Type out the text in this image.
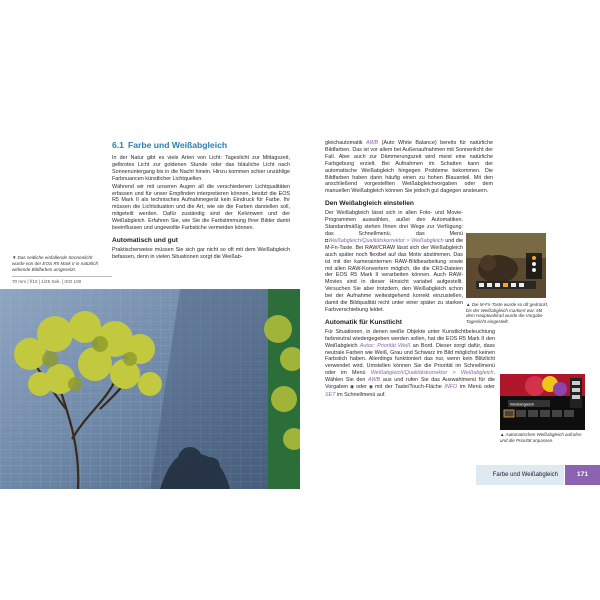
▼Das seitliche einfallende Sonnenlicht wurde von der EOS R5 Mark II in natürlich wirkende Bildfarben umgesetzt.
70 mm | f/10 | 1/25 Sek. | ISO 100
6.1 Farbe und Weißabgleich

In der Natur gibt es viele Arten von Licht: Tageslicht zur Mittagszeit, gelbrotes Licht zur goldenen Stunde oder das bläuliche Licht nach Sonnenuntergang bis in die Nacht hinein. Hinzu kommen schier unzählige Farbnuancen künstlicher Lichtquellen.

Während wir mit unseren Augen all die verschiedenen Lichtqualitäten erfassen und für unser Empfinden interpretieren können, besitzt die EOS R5 Mark II als technisches Aufnahmegerät kein Eindruck für Farbe. Ihr müssen die Lichtsituation und die Art, wie sie die Farben darstellen soll, mitgeteilt werden. Dafür zuständig sind der Kelvinwert und der Weißabgleich. Erfahren Sie, wie Sie die Farbstimmung Ihrer Bilder damit beeinflussen und ungewollte Farbstiche vermeiden können.

Automatisch und gut

Praktischerweise müssen Sie sich gar nicht so oft mit dem Weißabgleich befassen, denn in vielen Situationen sorgt die Weißab-

gleichautomatik AWB (Auto White Balance) bereits für natürliche Bildfarben. Das ist vor allem bei Außenaufnahmen mit Sonnenlicht der Fall. Aber auch zur Dämmerungszeit wird meist eine natürliche Farbgebung erzielt. Bei Aufnahmen im Schatten kann der automatische Weißabgleich hingegen Probleme bekommen. Die Bildfarben haben dann häufig einen zu hohen Blauanteil. Mit den anschließend vorgestellten Weißabgleichvorgaben oder dem manuellen Weißabgleich können Sie jedoch gut dagegen ansteuern.

Den Weißabgleich einstellen

Der Weißabgleich lässt sich in allen Foto- und Movie-Programmen auswählen, außer den Automatiken. Standardmäßig stehen Ihnen drei Wege zur Verfügung: das Schnellmenü, das Menü ◘Weißabgleich/Qualitätskorrektor > Weißabgleich und die M-Fn-Taste. Bei RAW/CRAW lässt sich der Weißabgleich auch später noch flexibel auf das Motiv abstimmen. Das ist mit der kamerainternen RAW-Bildbearbeitung sowie mit allen RAW-Konvertern möglich, die die CR3-Dateien der EOS R5 Mark II verarbeiten können. Auch RAW-Movies sind in dieser Hinsicht variabel aufgestellt. Versuchen Sie aber trotzdem, den Weißabgleich schon bei der Aufnahme weitestgehend korrekt einzustellen, damit die Bildqualität nicht unter einer später zu starken Farbverschiebung leidet.

Automatik für Kunstlicht

Für Situationen, in denen weiße Objekte unter Kunstlichtbeleuchtung farbneutral wiedergegeben werden sollen, hat die EOS R5 Mark II den Weißabgleich Autoc: Priorität Weiß an Bord. Dieser sorgt dafür, dass neutrale Farben wie Weiß, Grau und Schwarz im Bild möglichst keinen Farbstich haben. Allerdings funktioniert das nur, wenn kein Blitzlicht verwendet wird. Umstellen können Sie die Priorität im Schnellmenü oder im Menü Weißabgleich/Qualitätskorrektor > Weißabgleich. Wählen Sie den AWB aus und rufen Sie das Auswahlmenü für die Vorgaben ▣ oder ▣ mit der Taste/Touch-Fläche INFO im Menü oder SET im Schnellmenü auf.

▲ Die M-Fn-Taste wurde so oft gedrückt, bis der Weißabgleich markiert war. Mit dem Hauptwahlrad wurde die Vorgabe Tageslicht eingestellt.
Weißabgleich
▲ Automatischen Weißabgleich aufrufen und die Priorität anpassen.
Farbe und Weißabgleich	171
